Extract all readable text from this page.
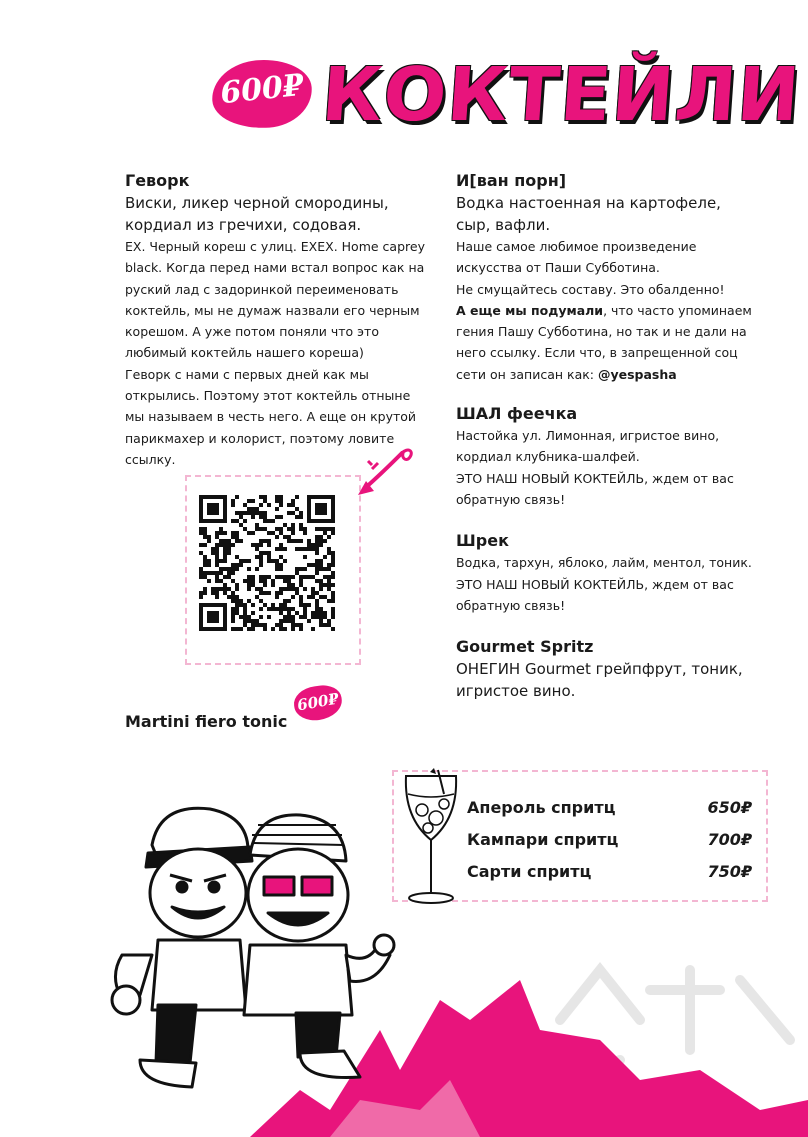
600₽ КОКТЕЙЛИ

Геворк

Виски, ликер черной смородины, кордиал из гречихи, содовая.

ЕХ. Черный кореш с улиц. ЕХЕХ. Home сарrey

black. Когда перед нами встал вопрос как на

руский лад с задоринкой переименовать

коктейль, мы не думаж назвали его черным

корешом. А уже потом поняли что это

любимый коктейль нашего кореша)

Геворк с нами с первых дней как мы

открылись. Поэтому этот коктейль отныне

мы называем в честь него. А еще он крутой

парикмахер и колорист, поэтому ловите

ссылку.

Martini fiero tonic
600₽

И[ван порн]

Водка настоенная на картофеле,

сыр, вафли.

Наше самое любимое произведение

искусства от Паши Субботина.

Не смущайтесь составу. Это обалденно!

А еще мы подумали, что часто упоминаем

гения Пашу Субботина, но так и не дали на

него ссылку. Если что, в запрещенной соц

сети он записан как: @yespasha

ШАЛ феечка

Настойка ул. Лимонная, игристое вино,

кордиал клубника-шалфей.

ЭТО НАШ НОВЫЙ КОКТЕЙЛЬ, ждем от вас

обратную связь!

Шрек

Водка, тархун, яблоко, лайм, ментол, тоник.

ЭТО НАШ НОВЫЙ КОКТЕЙЛЬ, ждем от вас

обратную связь!

Gourmet Spritz

ОНЕГИН Gourmet грейпфрут, тоник,

игристое вино.

Апероль спритц	650₽
Кампари спритц	700₽
Сарти спритц	750₽
